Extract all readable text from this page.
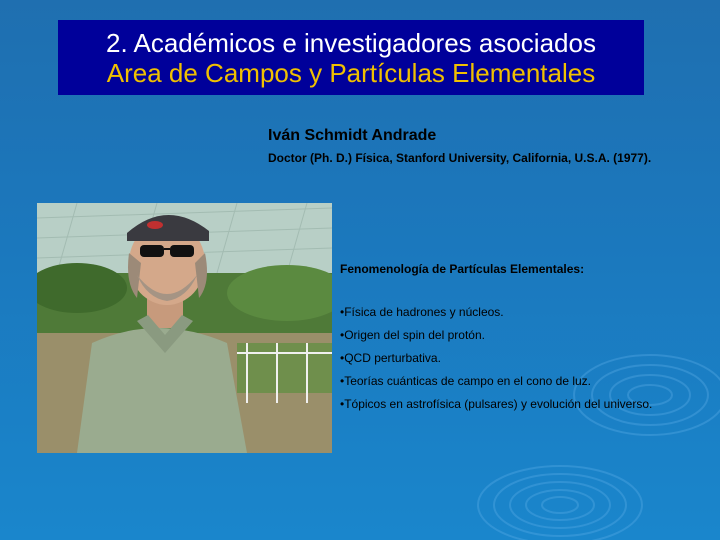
2. Académicos e investigadores asociados
Area de Campos y Partículas Elementales
Iván Schmidt Andrade
Doctor (Ph. D.) Física, Stanford University, California, U.S.A. (1977).
Fenomenología de Partículas Elementales:
•Física de hadrones y núcleos.
•Origen del spin del protón.
•QCD perturbativa.
•Teorías cuánticas de campo en el cono de luz.
•Tópicos en astrofísica (pulsares) y evolución del universo.
